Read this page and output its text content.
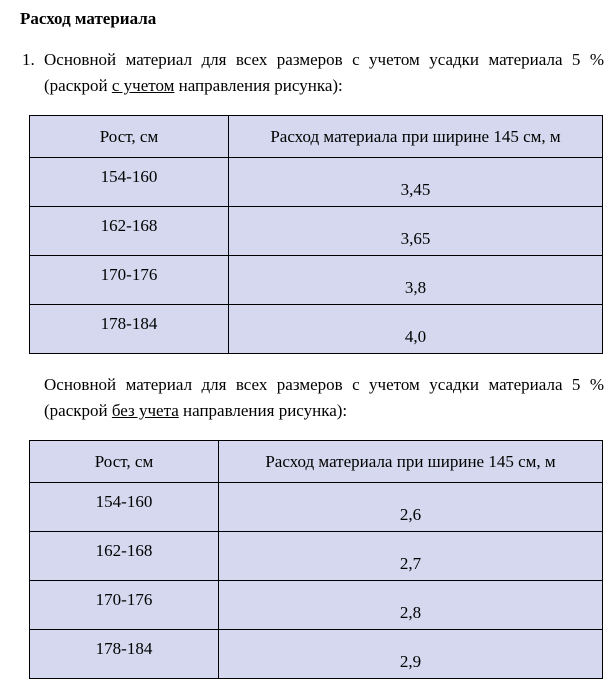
Расход материала

1. Основной материал для всех размеров с учетом усадки материала 5 % (раскрой с учетом направления рисунка):

Рост, см	Расход материала при ширине 145 см, м

154-160	3,45

162-168	3,65

170-176	3,8

178-184	4,0

Основной материал для всех размеров с учетом усадки материала 5 % (раскрой без учета направления рисунка):

Рост, см	Расход материала при ширине 145 см, м

154-160	2,6

162-168	2,7

170-176	2,8

178-184	2,9
